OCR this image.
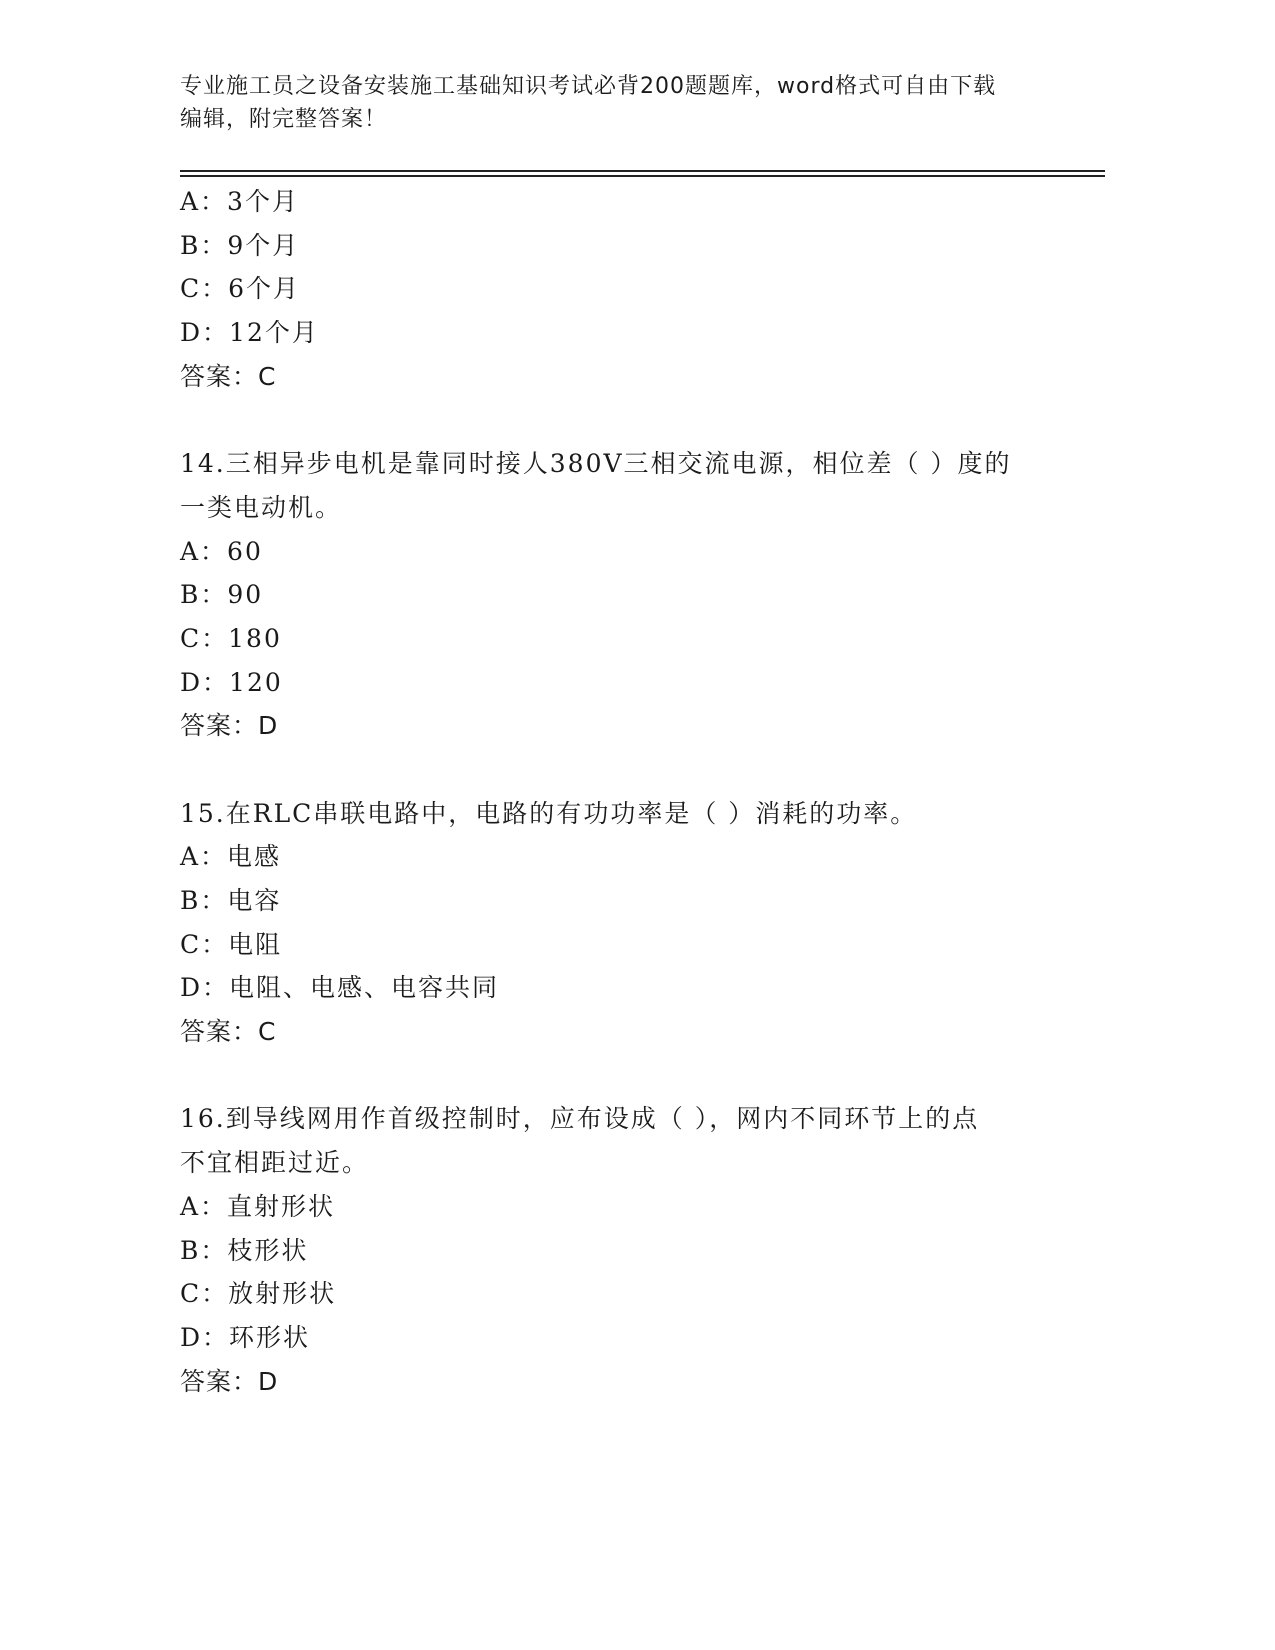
专业施工员之设备安装施工基础知识考试必背200题题库，word格式可自由下载
编辑，附完整答案！
A：3个月
B：9个月
C：6个月
D：12个月
答案：C
14.三相异步电机是靠同时接人380V三相交流电源，相位差（ ）度的
一类电动机。
A：60
B：90
C：180
D：120
答案：D
15.在RLC串联电路中，电路的有功功率是（ ）消耗的功率。
A：电感
B：电容
C：电阻
D：电阻、电感、电容共同
答案：C
16.到导线网用作首级控制时，应布设成（ ），网内不同环节上的点
不宜相距过近。
A：直射形状
B：枝形状
C：放射形状
D：环形状
答案：D
